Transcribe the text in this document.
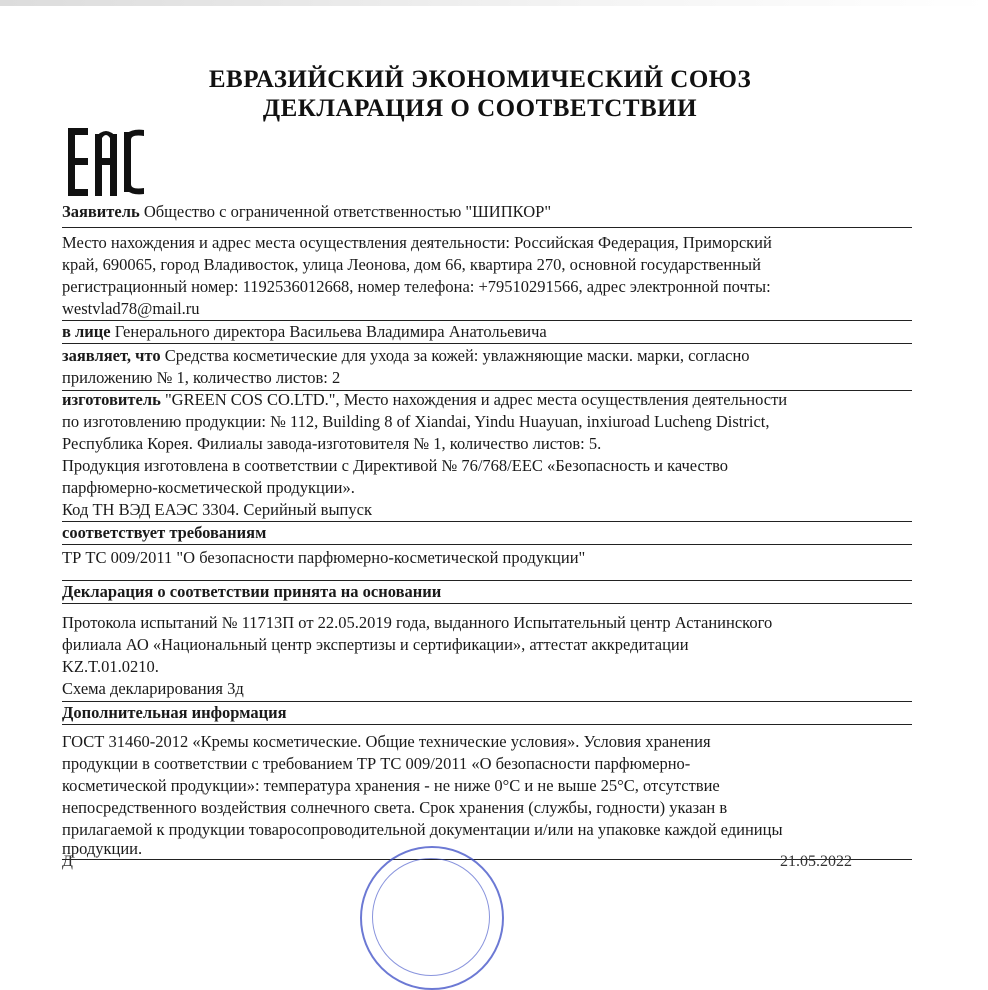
ЕВРАЗИЙСКИЙ ЭКОНОМИЧЕСКИЙ СОЮЗ
ДЕКЛАРАЦИЯ О СООТВЕТСТВИИ
Заявитель Общество с ограниченной ответственностью "ШИПКОР"
Место нахождения и адрес места осуществления деятельности: Российская Федерация, Приморский
край, 690065, город Владивосток, улица Леонова, дом 66, квартира 270, основной государственный
регистрационный номер: 1192536012668, номер телефона: +79510291566, адрес электронной почты:
westvlad78@mail.ru
в лице Генерального директора Васильева Владимира Анатольевича
заявляет, что Средства косметические для ухода за кожей: увлажняющие маски. марки, согласно
приложению № 1, количество листов: 2
изготовитель "GREEN COS CO.LTD.", Место нахождения и адрес места осуществления деятельности
по изготовлению продукции: № 112, Building 8 of Xiandai, Yindu Huayuan, inxiuroad Lucheng District,
Республика Корея. Филиалы завода-изготовителя № 1, количество листов: 5.
Продукция изготовлена в соответствии с Директивой № 76/768/ЕЕС «Безопасность и качество
парфюмерно-косметической продукции».
Код ТН ВЭД ЕАЭС 3304. Серийный выпуск
соответствует требованиям
ТР ТС 009/2011 "О безопасности парфюмерно-косметической продукции"
Декларация о соответствии принята на основании
Протокола испытаний № 11713П от 22.05.2019 года, выданного Испытательный центр Астанинского
филиала АО «Национальный центр экспертизы и сертификации», аттестат аккредитации
KZ.T.01.0210.
Схема декларирования 3д
Дополнительная информация
ГОСТ 31460-2012 «Кремы косметические. Общие технические условия». Условия хранения
продукции в соответствии с требованием ТР ТС 009/2011 «О безопасности парфюмерно-
косметической продукции»: температура хранения - не ниже 0°С и не выше 25°С, отсутствие
непосредственного воздействия солнечного света. Срок хранения (службы, годности) указан в
прилагаемой к продукции товаросопроводительной документации и/или на упаковке каждой единицы
продукции.
Д	21.05.2022
